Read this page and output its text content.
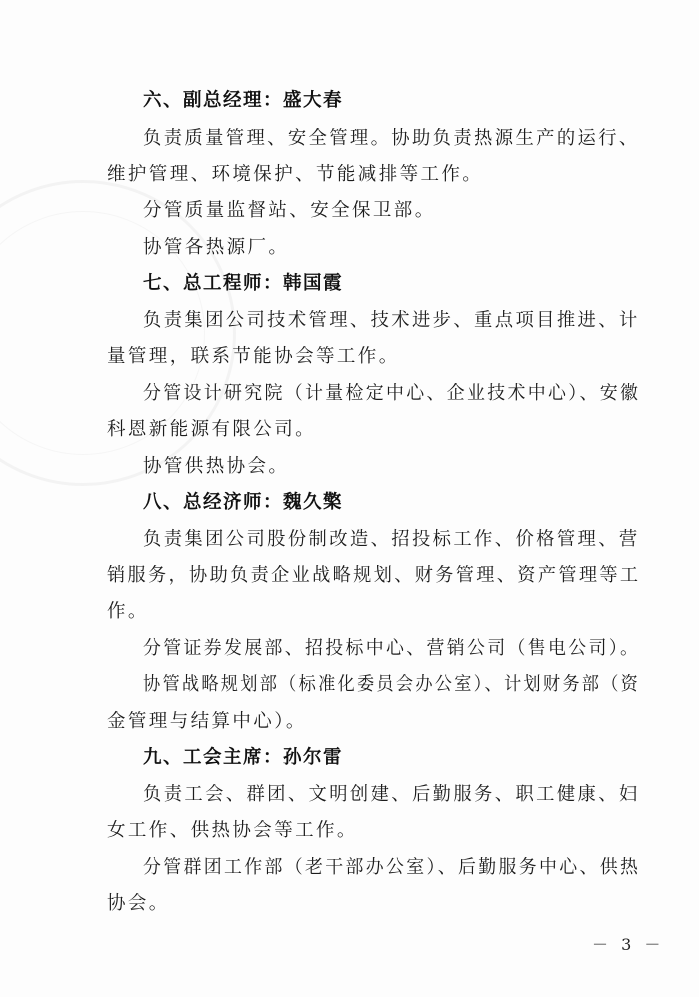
六、副总经理：盛大春
负责质量管理、安全管理。协助负责热源生产的运行、
维护管理、环境保护、节能减排等工作。
分管质量监督站、安全保卫部。
协管各热源厂。
七、总工程师：韩国霞
负责集团公司技术管理、技术进步、重点项目推进、计
量管理，联系节能协会等工作。
分管设计研究院（计量检定中心、企业技术中心）、安徽
科恩新能源有限公司。
协管供热协会。
八、总经济师：魏久檠
负责集团公司股份制改造、招投标工作、价格管理、营
销服务，协助负责企业战略规划、财务管理、资产管理等工
作。
分管证券发展部、招投标中心、营销公司（售电公司）。
协管战略规划部（标准化委员会办公室）、计划财务部（资
金管理与结算中心）。
九、工会主席：孙尔雷
负责工会、群团、文明创建、后勤服务、职工健康、妇
女工作、供热协会等工作。
分管群团工作部（老干部办公室）、后勤服务中心、供热
协会。
－ 3 －
